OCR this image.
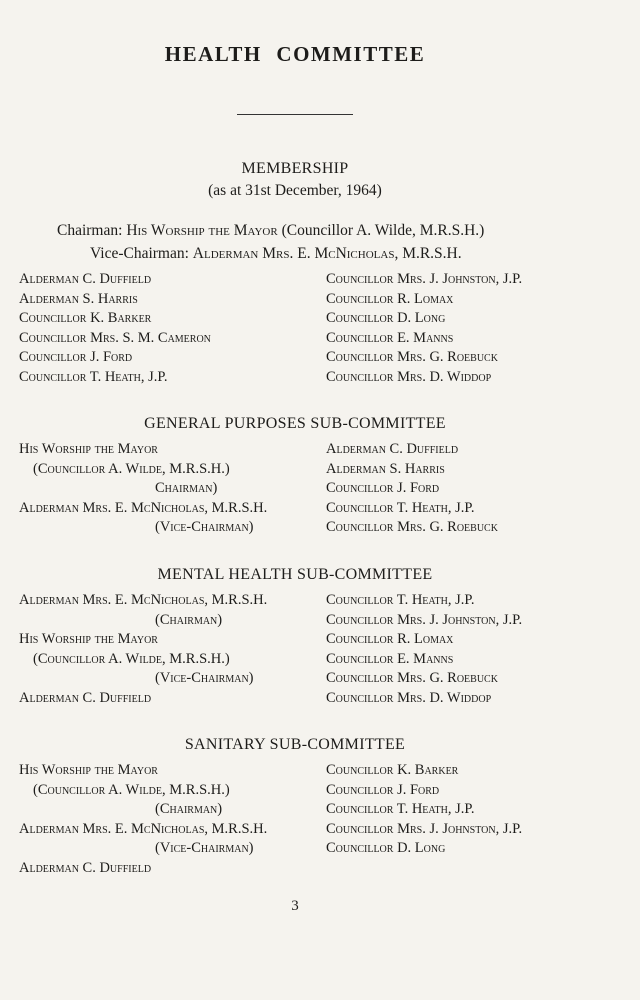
HEALTH COMMITTEE
MEMBERSHIP
(as at 31st December, 1964)
Chairman: His Worship the Mayor (Councillor A. Wilde, M.R.S.H.)
Vice-Chairman: Alderman Mrs. E. McNicholas, M.R.S.H.
Alderman C. Duffield
Alderman S. Harris
Councillor K. Barker
Councillor Mrs. S. M. Cameron
Councillor J. Ford
Councillor T. Heath, J.P.
Councillor Mrs. J. Johnston, J.P.
Councillor R. Lomax
Councillor D. Long
Councillor E. Manns
Councillor Mrs. G. Roebuck
Councillor Mrs. D. Widdop
GENERAL PURPOSES SUB-COMMITTEE
His Worship the Mayor
(Councillor A. Wilde, M.R.S.H.)
Chairman)
Alderman Mrs. E. McNicholas, M.R.S.H.
(Vice-Chairman)
Alderman C. Duffield
Alderman S. Harris
Councillor J. Ford
Councillor T. Heath, J.P.
Councillor Mrs. G. Roebuck
MENTAL HEALTH SUB-COMMITTEE
Alderman Mrs. E. McNicholas, M.R.S.H.
(Chairman)
His Worship the Mayor
(Councillor A. Wilde, M.R.S.H.)
(Vice-Chairman)
Alderman C. Duffield
Councillor T. Heath, J.P.
Councillor Mrs. J. Johnston, J.P.
Councillor R. Lomax
Councillor E. Manns
Councillor Mrs. G. Roebuck
Councillor Mrs. D. Widdop
SANITARY SUB-COMMITTEE
His Worship the Mayor
(Councillor A. Wilde, M.R.S.H.)
(Chairman)
Alderman Mrs. E. McNicholas, M.R.S.H.
(Vice-Chairman)
Alderman C. Duffield
Councillor K. Barker
Councillor J. Ford
Councillor T. Heath, J.P.
Councillor Mrs. J. Johnston, J.P.
Councillor D. Long
3
